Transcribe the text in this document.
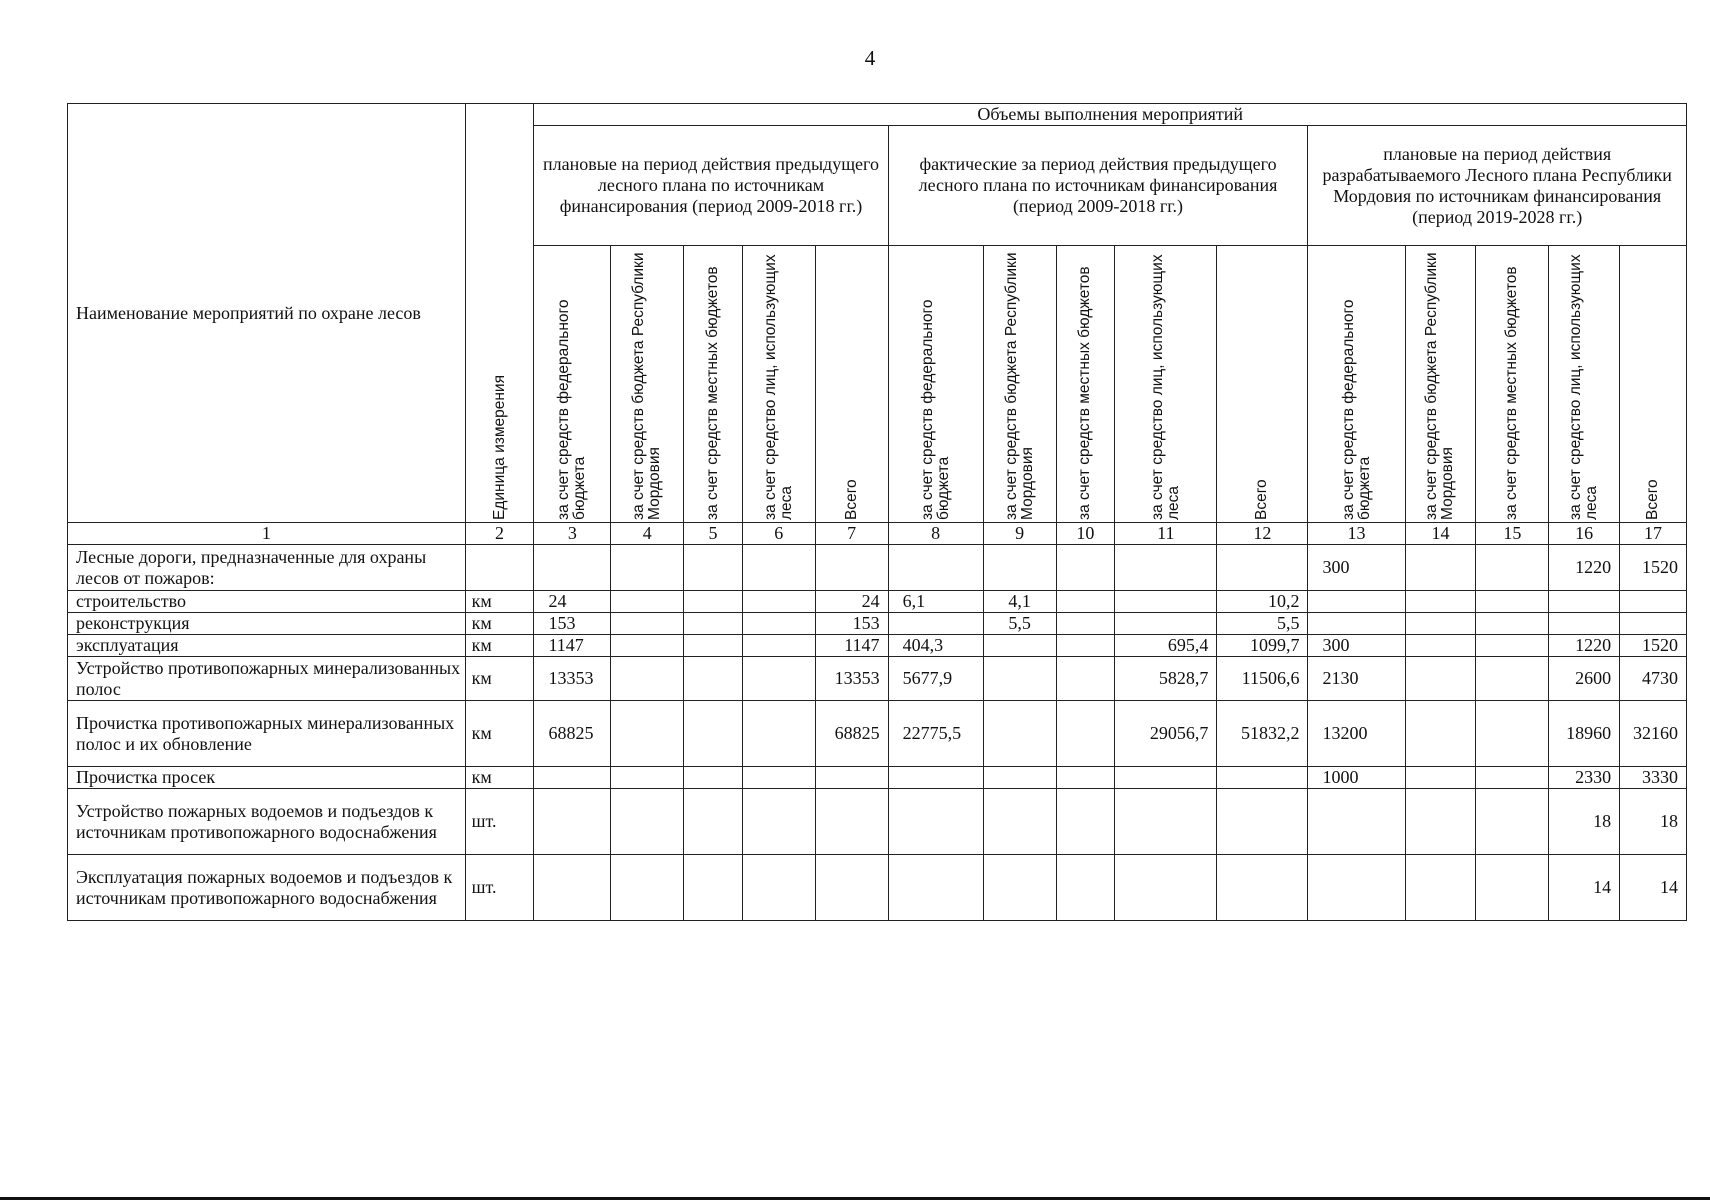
4
Наименование мероприятий по охране лесов	Единица измерения	Объемы выполнения мероприятий														
		плановые на период действия предыдущего лесного плана по источникам финансирования (период 2009-2018 гг.)					фактические за период действия предыдущего лесного плана по источникам финансирования (период 2009-2018 гг.)					плановые на период действия разрабатываемого Лесного плана Республики Мордовия по источникам финансирования (период 2019-2028 гг.)				

		за счет средств федерального бюджета	за счет средств бюджета Республики Мордовия	за счет средств местных бюджетов	за счет средство лиц, использующих леса	Всего	за счет средств федерального бюджета	за счет средств бюджета Республики Мордовия	за счет средств местных бюджетов	за счет средство лиц, использующих леса	Всего	за счет средств федерального бюджета	за счет средств бюджета Республики Мордовия	за счет средств местных бюджетов	за счет средство лиц, использующих леса	Всего

1	2	3	4	5	6	7	8	9	10	11	12	13	14	15	16	17
Лесные дороги, предназначенные для охраны лесов от пожаров:												300			1220	1520
строительство	км	24				24	6,1	4,1			10,2					
реконструкция	км	153				153		5,5			5,5					
эксплуатация	км	1147				1147	404,3			695,4	1099,7	300			1220	1520
Устройство противопожарных минерализованных полос	км	13353				13353	5677,9			5828,7	11506,6	2130			2600	4730
Прочистка противопожарных минерализованных полос и их обновление	км	68825				68825	22775,5			29056,7	51832,2	13200			18960	32160
Прочистка просек	км											1000			2330	3330
Устройство пожарных водоемов и подъездов к источникам противопожарного водоснабжения	шт.														18	18
Эксплуатация пожарных водоемов и подъездов к источникам противопожарного водоснабжения	шт.														14	14
